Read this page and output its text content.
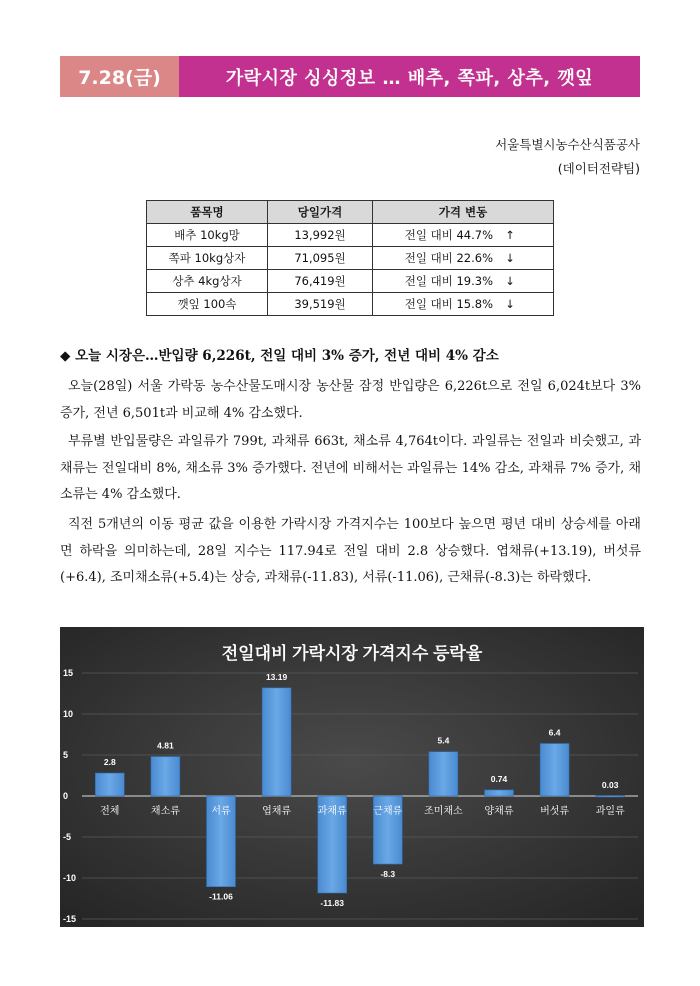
7.28(금)	가락시장 싱싱정보 … 배추, 쪽파, 상추, 깻잎
서울특별시농수산식품공사
(데이터전략팀)
품목명	당일가격	가격 변동
배추 10kg망	13,992원	전일 대비 44.7% ↑
쪽파 10kg상자	71,095원	전일 대비 22.6% ↓
상추 4kg상자	76,419원	전일 대비 19.3% ↓
깻잎 100속	39,519원	전일 대비 15.8% ↓
◆ 오늘 시장은…반입량 6,226t, 전일 대비 3% 증가, 전년 대비 4% 감소

오늘(28일) 서울 가락동 농수산물도매시장 농산물 잠정 반입량은 6,226t으로 전일 6,024t보다 3% 증가, 전년 6,501t과 비교해 4% 감소했다.

부류별 반입물량은 과일류가 799t, 과채류 663t, 채소류 4,764t이다. 과일류는 전일과 비슷했고, 과채류는 전일대비 8%, 채소류 3% 증가했다. 전년에 비해서는 과일류는 14% 감소, 과채류 7% 증가, 채소류는 4% 감소했다.

직전 5개년의 이동 평균 값을 이용한 가락시장 가격지수는 100보다 높으면 평년 대비 상승세를 아래면 하락을 의미하는데, 28일 지수는 117.94로 전일 대비 2.8 상승했다. 엽채류(+13.19), 버섯류(+6.4), 조미채소류(+5.4)는 상승, 과채류(-11.83), 서류(-11.06), 근채류(-8.3)는 하락했다.

전일대비 가락시장 가격지수 등락율
15
10
5
0
-5
-10
-15
2.8
4.81
-11.06
13.19
-11.83
-8.3
5.4
0.74
6.4
0.03
전체	채소류	서류	엽채류	과채류	근채류 조미채소 양채류	버섯류	과일류
